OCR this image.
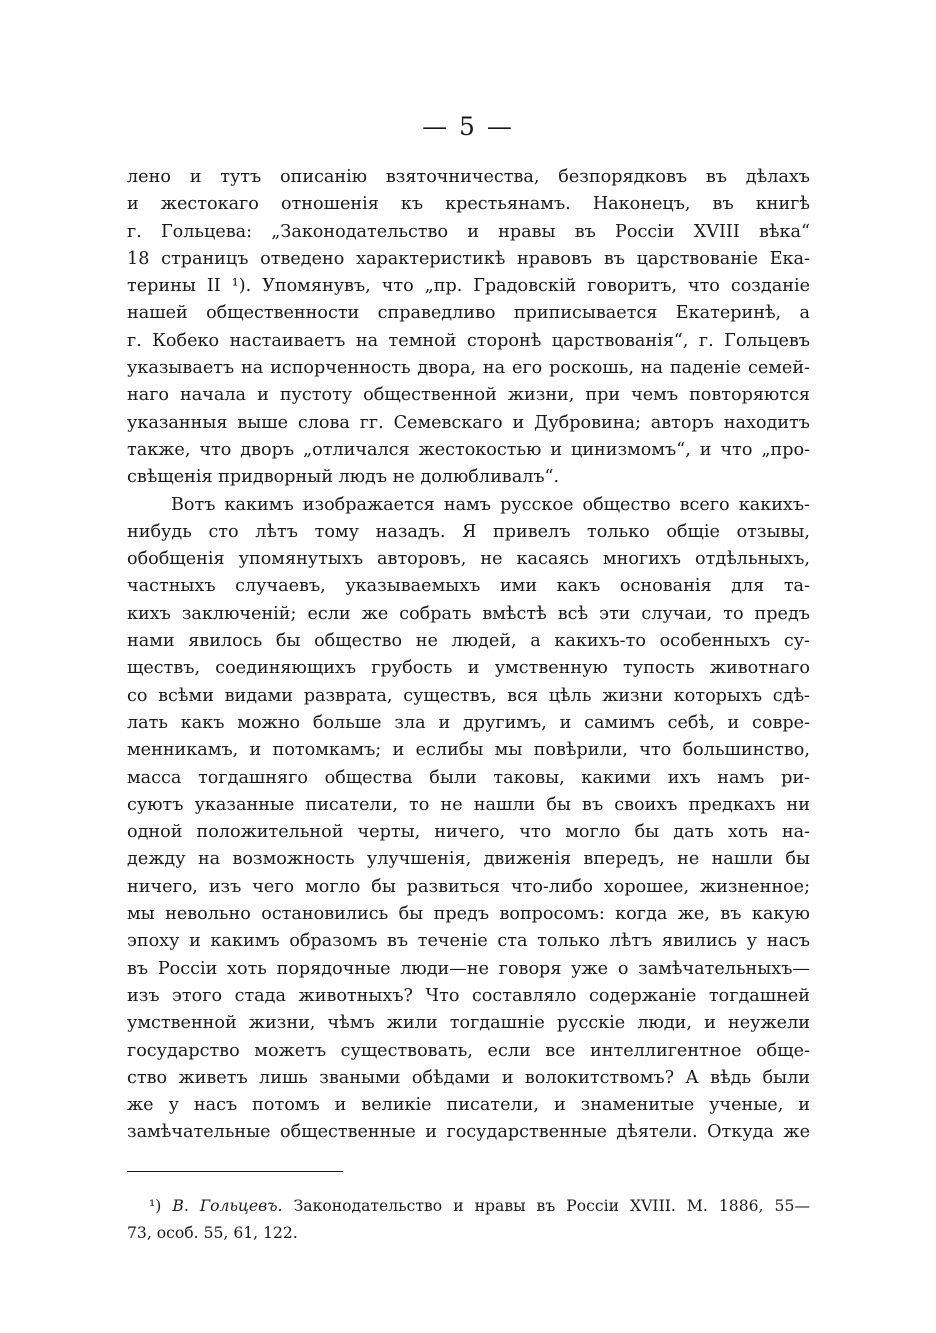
— 5 —
лено и тутъ описанію взяточничества, безпорядковъ въ дѣлахъ
и жестокаго отношенія къ крестьянамъ. Наконецъ, въ книгѣ
г. Гольцева: „Законодательство и нравы въ Россіи XVIII вѣка“
18 страницъ отведено характеристикѣ нравовъ въ царствованіе Ека-
терины II ¹). Упомянувъ, что „пр. Градовскій говоритъ, что созданіе
нашей общественности справедливо приписывается Екатеринѣ, а
г. Кобеко настаиваетъ на темной сторонѣ царствованія“, г. Гольцевъ
указываетъ на испорченность двора, на его роскошь, на паденіе семей-
наго начала и пустоту общественной жизни, при чемъ повторяются
указанныя выше слова гг. Семевскаго и Дубровина; авторъ находитъ
также, что дворъ „отличался жестокостью и цинизмомъ“, и что „про-
свѣщенія придворный людъ не долюбливалъ“.
Вотъ какимъ изображается намъ русское общество всего какихъ-
нибудь сто лѣтъ тому назадъ. Я привелъ только общіе отзывы,
обобщенія упомянутыхъ авторовъ, не касаясь многихъ отдѣльныхъ,
частныхъ случаевъ, указываемыхъ ими какъ основанія для та-
кихъ заключеній; если же собрать вмѣстѣ всѣ эти случаи, то предъ
нами явилось бы общество не людей, а какихъ-то особенныхъ су-
ществъ, соединяющихъ грубость и умственную тупость животнаго
со всѣми видами разврата, существъ, вся цѣль жизни которыхъ сдѣ-
лать какъ можно больше зла и другимъ, и самимъ себѣ, и совре-
менникамъ, и потомкамъ; и еслибы мы повѣрили, что большинство,
масса тогдашняго общества были таковы, какими ихъ намъ ри-
суютъ указанные писатели, то не нашли бы въ своихъ предкахъ ни
одной положительной черты, ничего, что могло бы дать хоть на-
дежду на возможность улучшенія, движенія впередъ, не нашли бы
ничего, изъ чего могло бы развиться что-либо хорошее, жизненное;
мы невольно остановились бы предъ вопросомъ: когда же, въ какую
эпоху и какимъ образомъ въ теченіе ста только лѣтъ явились у насъ
въ Россіи хоть порядочные люди—не говоря уже о замѣчательныхъ—
изъ этого стада животныхъ? Что составляло содержаніе тогдашней
умственной жизни, чѣмъ жили тогдашніе русскіе люди, и неужели
государство можетъ существовать, если все интеллигентное обще-
ство живетъ лишь зваными обѣдами и волокитствомъ? А вѣдь были
же у насъ потомъ и великіе писатели, и знаменитые ученые, и
замѣчательные общественные и государственные дѣятели. Откуда же
¹) В. Гольцевъ. Законодательство и нравы въ Россіи XVIII. М. 1886, 55—
73, особ. 55, 61, 122.
